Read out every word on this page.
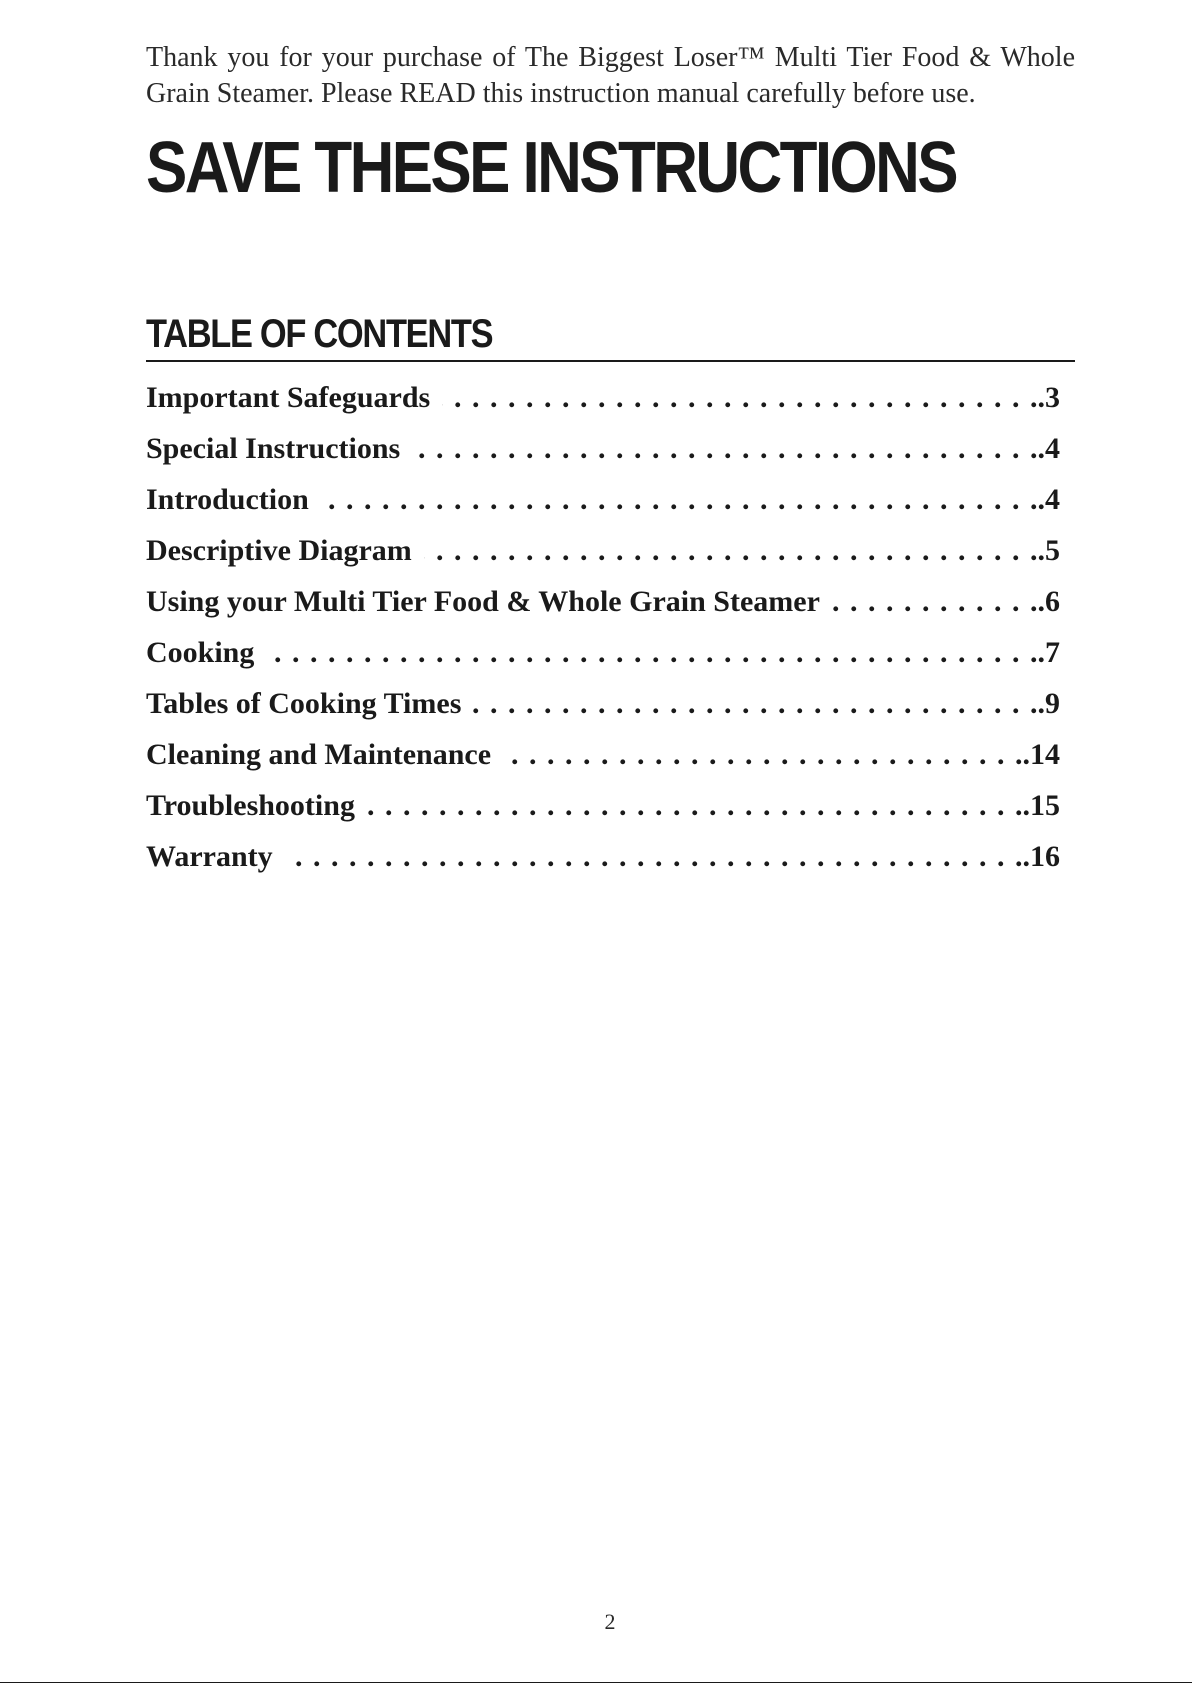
Thank you for your purchase of The Biggest Loser™ Multi Tier Food & Whole Grain Steamer. Please READ this instruction manual carefully before use.

SAVE THESE INSTRUCTIONS
TABLE OF CONTENTS
Important Safeguards . . .	.3
Special Instructions . . .	.4
Introduction . . .	.4
Descriptive Diagram . . .	.5
Using your Multi Tier Food & Whole Grain Steamer . . .	.6
Cooking . . .	.7
Tables of Cooking Times . . .	.9
Cleaning and Maintenance . . .	.14
Troubleshooting . . .	.15
Warranty . . .	.16
2
